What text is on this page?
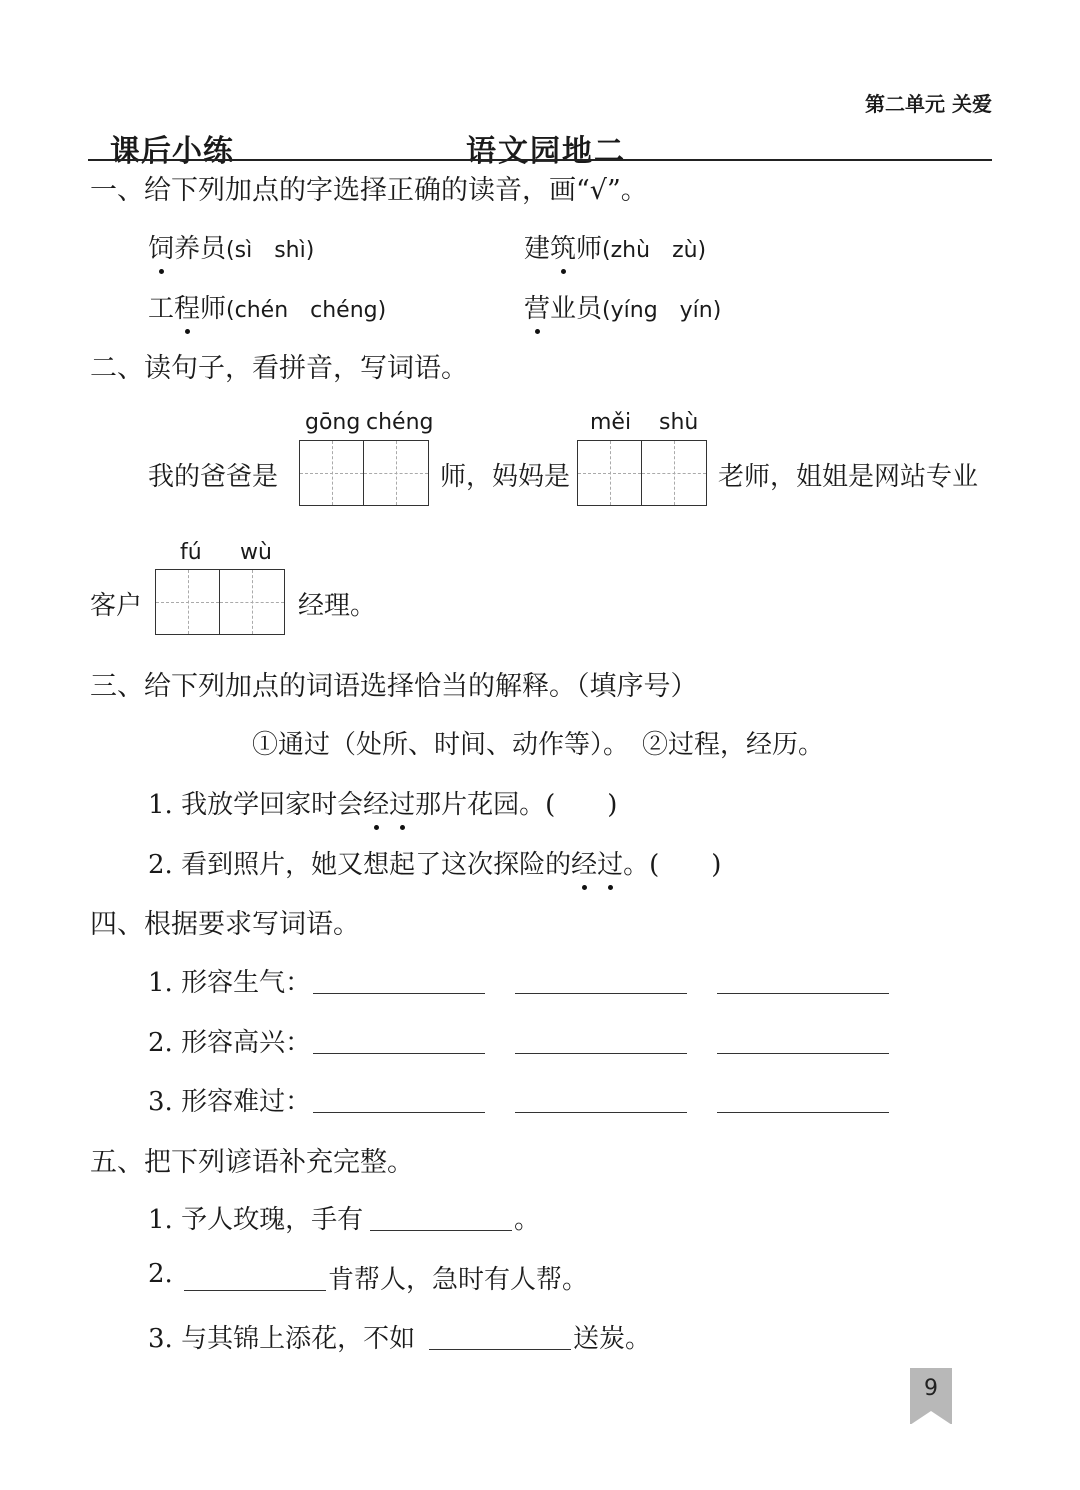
第二单元 关爱
课后小练	语文园地二
一、给下列加点的字选择正确的读音，画“√”。
饲养员(sì　shì)	建筑师(zhù　zù)
工程师(chén　chéng)	营业员(yíng　yín)
二、读句子，看拼音，写词语。
gōng chéng	měi shù
我的爸爸是	师，妈妈是	老师，姐姐是网站专业
fú wù
客户	经理。
三、给下列加点的词语选择恰当的解释。（填序号）
①通过（处所、时间、动作等）。　②过程，经历。
1. 我放学回家时会经过那片花园。(　　)
2. 看到照片，她又想起了这次探险的经过。(　　)
四、根据要求写词语。
1. 形容生气：
2. 形容高兴：
3. 形容难过：
五、把下列谚语补充完整。
1. 予人玫瑰，手有	。
2.	肯帮人，急时有人帮。
3. 与其锦上添花，不如	送炭。
9
